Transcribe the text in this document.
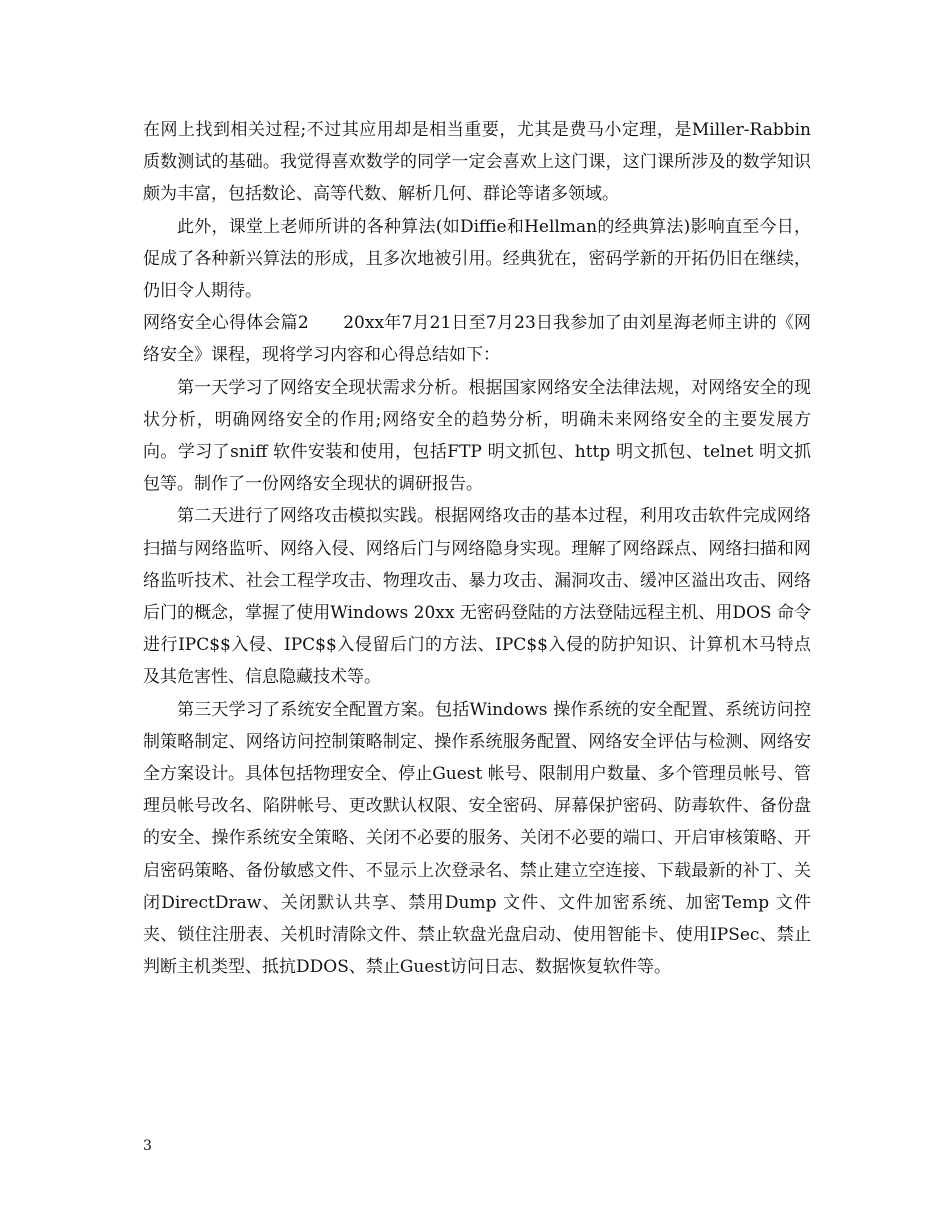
在网上找到相关过程;不过其应用却是相当重要，尤其是费马小定理，是Miller-Rabbin质数测试的基础。我觉得喜欢数学的同学一定会喜欢上这门课，这门课所涉及的数学知识颇为丰富，包括数论、高等代数、解析几何、群论等诸多领域。

此外，课堂上老师所讲的各种算法(如Diffie和Hellman的经典算法)影响直至今日，促成了各种新兴算法的形成，且多次地被引用。经典犹在，密码学新的开拓仍旧在继续，仍旧令人期待。

网络安全心得体会篇2　　20xx年7月21日至7月23日我参加了由刘星海老师主讲的《网络安全》课程，现将学习内容和心得总结如下：

第一天学习了网络安全现状需求分析。根据国家网络安全法律法规，对网络安全的现状分析，明确网络安全的作用;网络安全的趋势分析，明确未来网络安全的主要发展方向。学习了sniff 软件安装和使用，包括FTP 明文抓包、http 明文抓包、telnet 明文抓包等。制作了一份网络安全现状的调研报告。

第二天进行了网络攻击模拟实践。根据网络攻击的基本过程，利用攻击软件完成网络扫描与网络监听、网络入侵、网络后门与网络隐身实现。理解了网络踩点、网络扫描和网络监听技术、社会工程学攻击、物理攻击、暴力攻击、漏洞攻击、缓冲区溢出攻击、网络后门的概念，掌握了使用Windows 20xx 无密码登陆的方法登陆远程主机、用DOS 命令进行IPC$$入侵、IPC$$入侵留后门的方法、IPC$$入侵的防护知识、计算机木马特点及其危害性、信息隐藏技术等。

第三天学习了系统安全配置方案。包括Windows 操作系统的安全配置、系统访问控制策略制定、网络访问控制策略制定、操作系统服务配置、网络安全评估与检测、网络安全方案设计。具体包括物理安全、停止Guest 帐号、限制用户数量、多个管理员帐号、管理员帐号改名、陷阱帐号、更改默认权限、安全密码、屏幕保护密码、防毒软件、备份盘的安全、操作系统安全策略、关闭不必要的服务、关闭不必要的端口、开启审核策略、开启密码策略、备份敏感文件、不显示上次登录名、禁止建立空连接、下载最新的补丁、关闭DirectDraw、关闭默认共享、禁用Dump 文件、文件加密系统、加密Temp 文件夹、锁住注册表、关机时清除文件、禁止软盘光盘启动、使用智能卡、使用IPSec、禁止判断主机类型、抵抗DDOS、禁止Guest访问日志、数据恢复软件等。

3
